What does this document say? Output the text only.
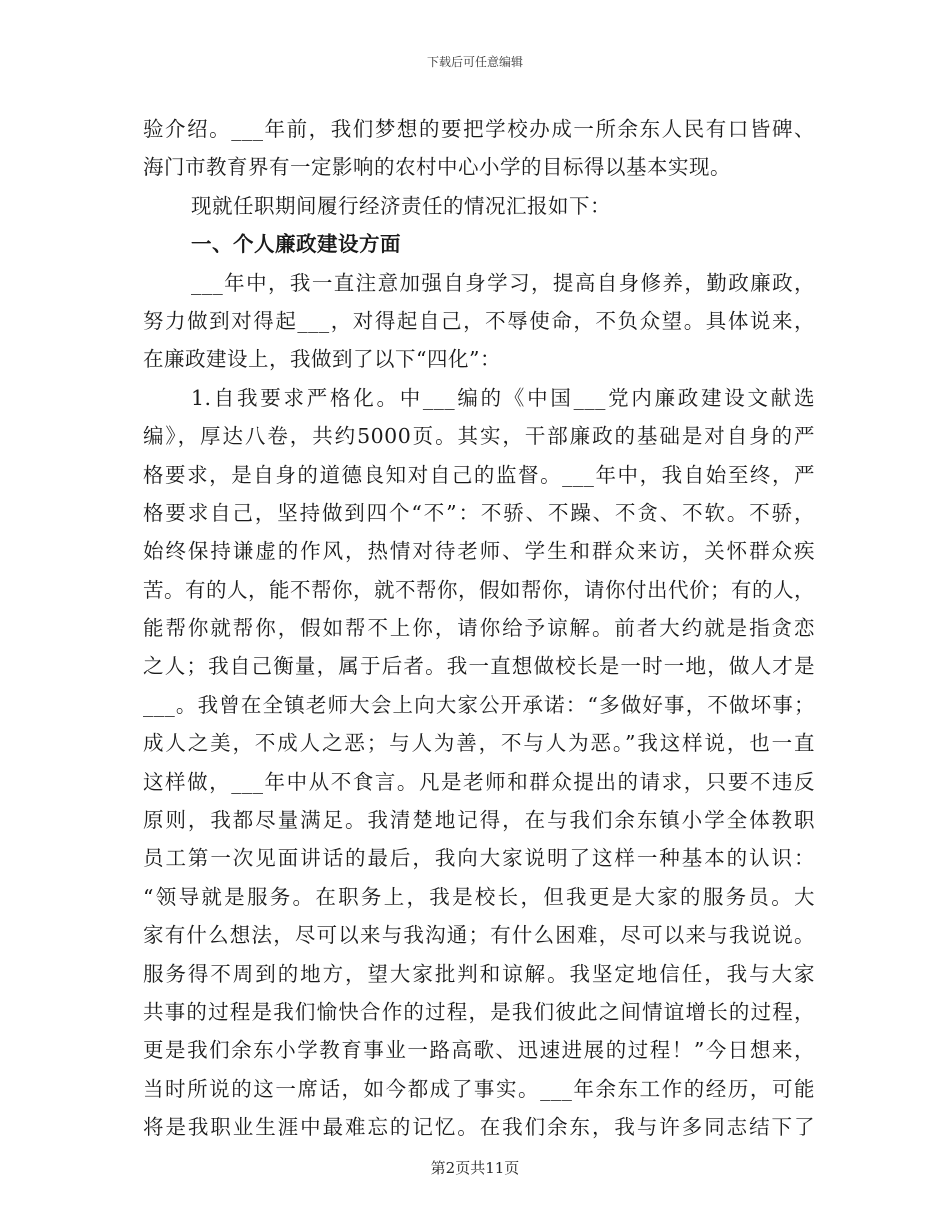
下载后可任意编辑
验介绍。___年前，我们梦想的要把学校办成一所余东人民有口皆碑、
海门市教育界有一定影响的农村中心小学的目标得以基本实现。
现就任职期间履行经济责任的情况汇报如下：
一、个人廉政建设方面
___年中，我一直注意加强自身学习，提高自身修养，勤政廉政，
努力做到对得起___，对得起自己，不辱使命，不负众望。具体说来，
在廉政建设上，我做到了以下“四化”：
1.自我要求严格化。中___编的《中国___党内廉政建设文献选
编》，厚达八卷，共约5000页。其实，干部廉政的基础是对自身的严
格要求，是自身的道德良知对自己的监督。___年中，我自始至终，严
格要求自己，坚持做到四个“不”：不骄、不躁、不贪、不软。不骄，
始终保持谦虚的作风，热情对待老师、学生和群众来访，关怀群众疾
苦。有的人，能不帮你，就不帮你，假如帮你，请你付出代价；有的人，
能帮你就帮你，假如帮不上你，请你给予谅解。前者大约就是指贪恋
之人；我自己衡量，属于后者。我一直想做校长是一时一地，做人才是
___。我曾在全镇老师大会上向大家公开承诺：“多做好事，不做坏事；
成人之美，不成人之恶；与人为善，不与人为恶。”我这样说，也一直
这样做，___年中从不食言。凡是老师和群众提出的请求，只要不违反
原则，我都尽量满足。我清楚地记得，在与我们余东镇小学全体教职
员工第一次见面讲话的最后，我向大家说明了这样一种基本的认识：
“领导就是服务。在职务上，我是校长，但我更是大家的服务员。大
家有什么想法，尽可以来与我沟通；有什么困难，尽可以来与我说说。
服务得不周到的地方，望大家批判和谅解。我坚定地信任，我与大家
共事的过程是我们愉快合作的过程，是我们彼此之间情谊增长的过程，
更是我们余东小学教育事业一路高歌、迅速进展的过程！”今日想来，
当时所说的这一席话，如今都成了事实。___年余东工作的经历，可能
将是我职业生涯中最难忘的记忆。在我们余东，我与许多同志结下了
第2页共11页
